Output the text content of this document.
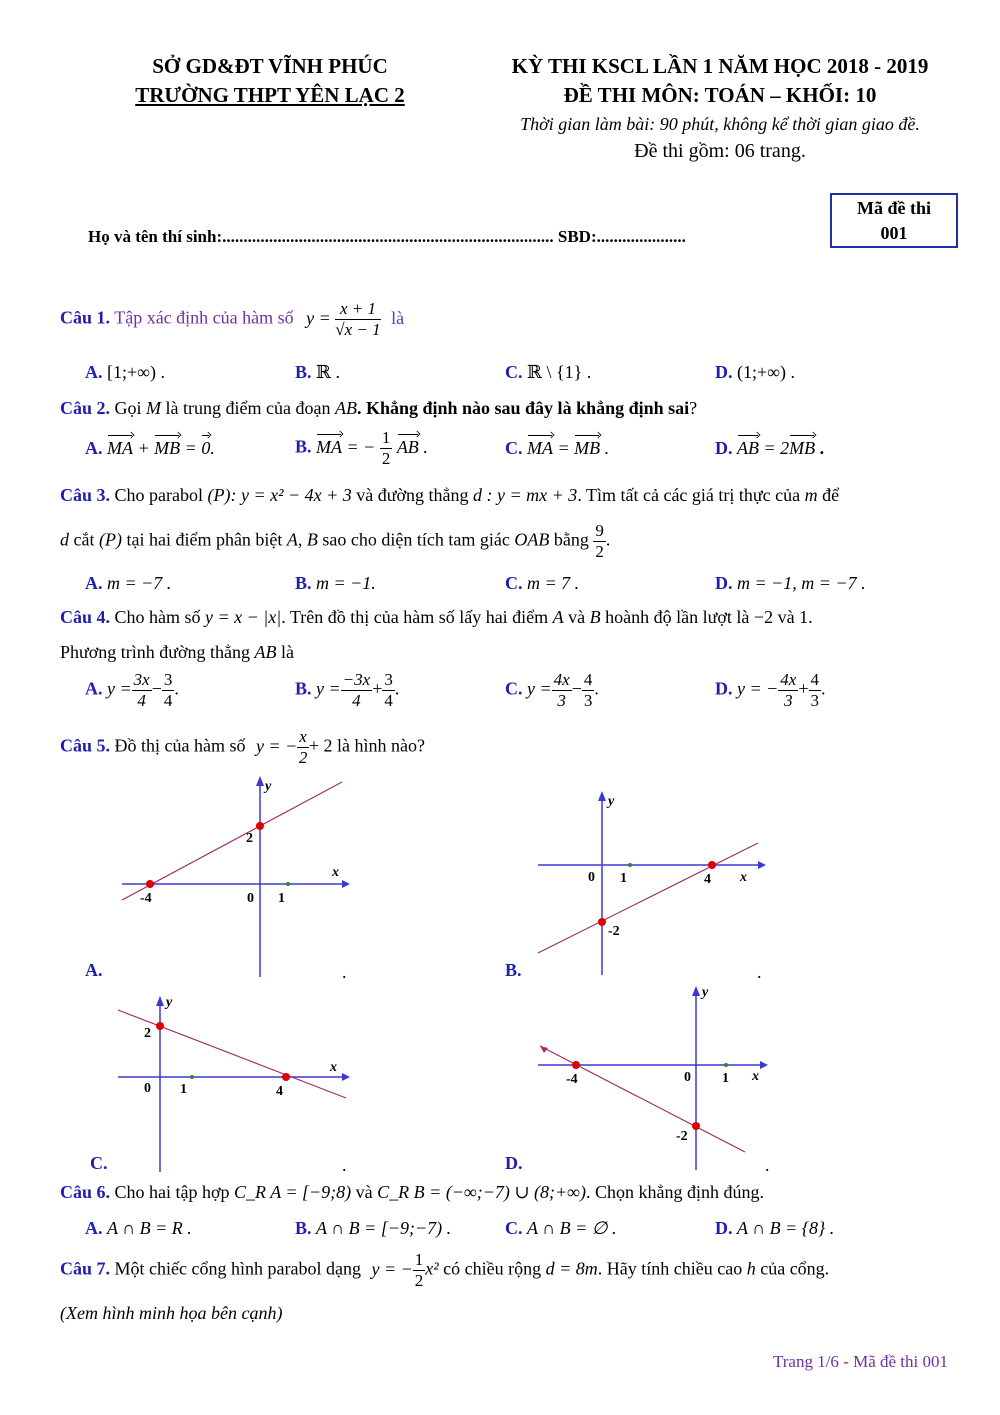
SỞ GD&ĐT VĨNH PHÚC
TRƯỜNG THPT YÊN LẠC 2
KỲ THI KSCL LẦN 1 NĂM HỌC 2018 - 2019
ĐỀ THI MÔN: TOÁN – KHỐI: 10
Thời gian làm bài: 90 phút, không kể thời gian giao đề.
Đề thi gồm: 06 trang.
Họ và tên thí sinh:.............................................................................. SBD:.....................
Mã đề thi
001
Câu 1. Tập xác định của hàm số $y = \frac{x + 1}{√x - 1}$ là
A. [1;+∞) .	B. ℝ .	C. ℝ \ {1} .	D. (1;+∞) .
Câu 2. Gọi M là trung điểm của đoạn AB. Khẳng định nào sau đây là khẳng định sai?
A. MA + MB = 0.	B. MA = − $\frac{1}{2}$ AB .	C. MA = MB .	D. AB = 2MB .
Câu 3. Cho parabol (P): y = x² − 4x + 3 và đường thẳng d : y = mx + 3. Tìm tất cả các giá trị thực của m để
d cắt (P) tại hai điểm phân biệt A, B sao cho diện tích tam giác OAB bằng $\frac{9}{2}$ .
A. m = −7 .	B. m = −1.	C. m = 7 .	D. m = −1, m = −7 .
Câu 4. Cho hàm số y = x − |x|. Trên đồ thị của hàm số lấy hai điểm A và B hoành độ lần lượt là −2 và 1.
Phương trình đường thẳng AB là
A. $y = \frac{3x}{4} - \frac{3}{4}$ .	B. $y = \frac{-3x}{4} + \frac{3}{4}$ .	C. $y = \frac{4x}{3} - \frac{4}{3}$ .	D. y = − $\frac{4x}{3} + \frac{4}{3}$ .
Câu 5. Đồ thị của hàm số y = − $\frac{x}{2} + 2$ là hình nào?
y
x
2
-4	0 1
A.	.
y
x
0 1	4
-2
B.	.
y
x
2
0 1	4
C.	.
y
x
-4	0 1
-2
D.	.
Câu 6. Cho hai tập hợp C_R A = [−9;8) và C_R B = (−∞;−7) ∪ (8;+∞). Chọn khẳng định đúng.
A. A ∩ B = R .	B. A ∩ B = [−9;−7) .	C. A ∩ B = ∅ .	D. A ∩ B = {8} .
Câu 7. Một chiếc cổng hình parabol dạng y = − $\frac{1}{2} x^2$ có chiều rộng d = 8m. Hãy tính chiều cao h của cổng.
(Xem hình minh họa bên cạnh)
Trang 1/6 - Mã đề thi 001
